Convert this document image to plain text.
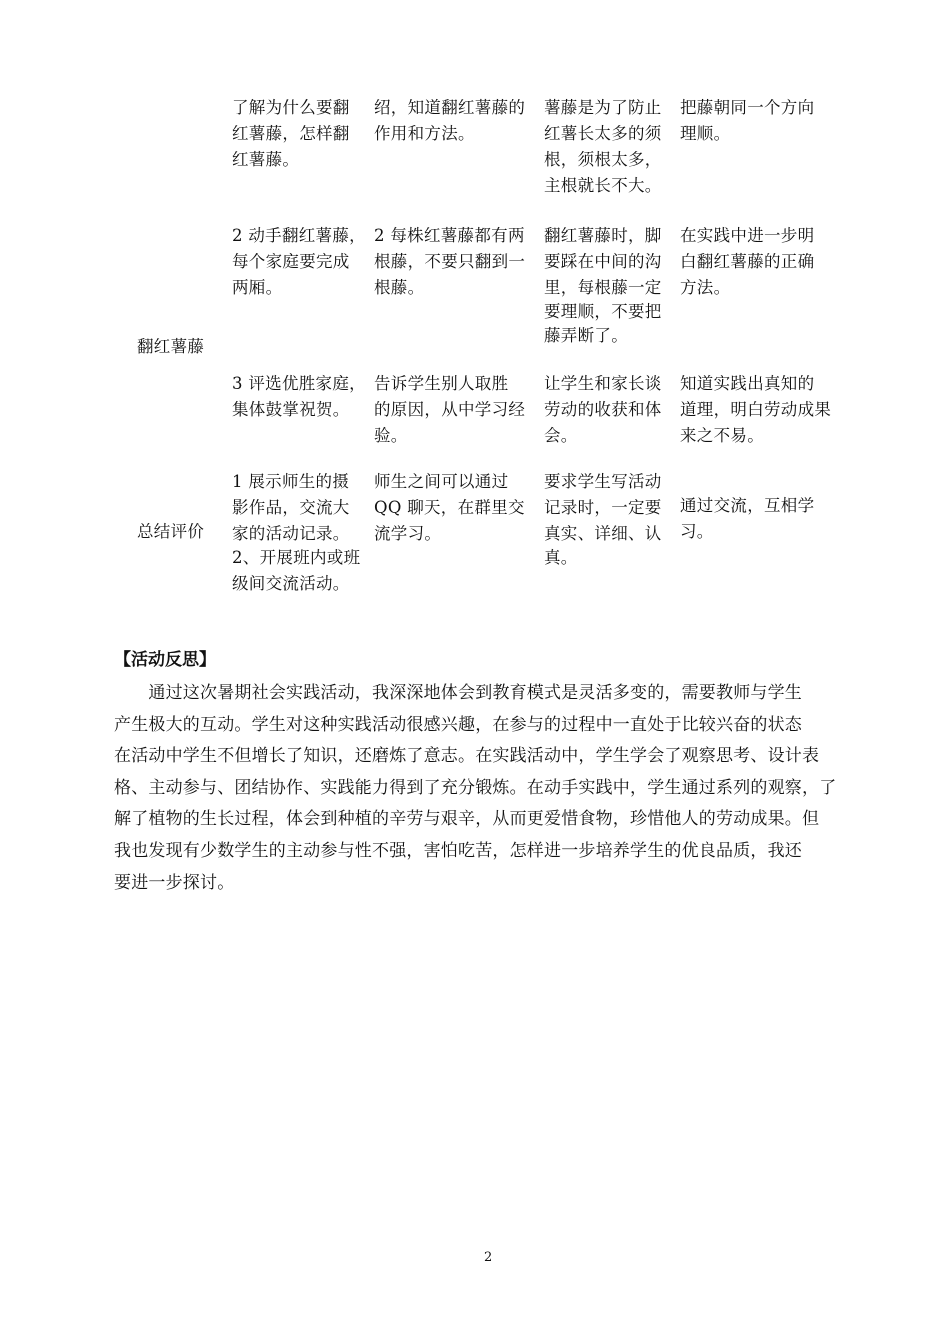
翻红薯藤
总结评价
了解为什么要翻
红薯藤，怎样翻
红薯藤。
绍，知道翻红薯藤的
作用和方法。
薯藤是为了防止
红薯长太多的须
根，须根太多，
主根就长不大。
把藤朝同一个方向
理顺。
2 动手翻红薯藤，
每个家庭要完成
两厢。
2 每株红薯藤都有两
根藤，不要只翻到一
根藤。
翻红薯藤时，脚
要踩在中间的沟
里，每根藤一定
要理顺，不要把
藤弄断了。
在实践中进一步明
白翻红薯藤的正确
方法。
3 评选优胜家庭，
集体鼓掌祝贺。
告诉学生别人取胜
的原因，从中学习经
验。
让学生和家长谈
劳动的收获和体
会。
知道实践出真知的
道理，明白劳动成果
来之不易。
1 展示师生的摄
影作品，交流大
家的活动记录。
2、开展班内或班
级间交流活动。
师生之间可以通过
QQ 聊天，在群里交
流学习。
要求学生写活动
记录时，一定要
真实、详细、认
真。
通过交流，互相学
习。
【活动反思】
　　通过这次暑期社会实践活动，我深深地体会到教育模式是灵活多变的，需要教师与学生
产生极大的互动。学生对这种实践活动很感兴趣，在参与的过程中一直处于比较兴奋的状态
在活动中学生不但增长了知识，还磨炼了意志。在实践活动中，学生学会了观察思考、设计表
格、主动参与、团结协作、实践能力得到了充分锻炼。在动手实践中，学生通过系列的观察，了
解了植物的生长过程，体会到种植的辛劳与艰辛，从而更爱惜食物，珍惜他人的劳动成果。但
我也发现有少数学生的主动参与性不强，害怕吃苦，怎样进一步培养学生的优良品质，我还
要进一步探讨。
2
